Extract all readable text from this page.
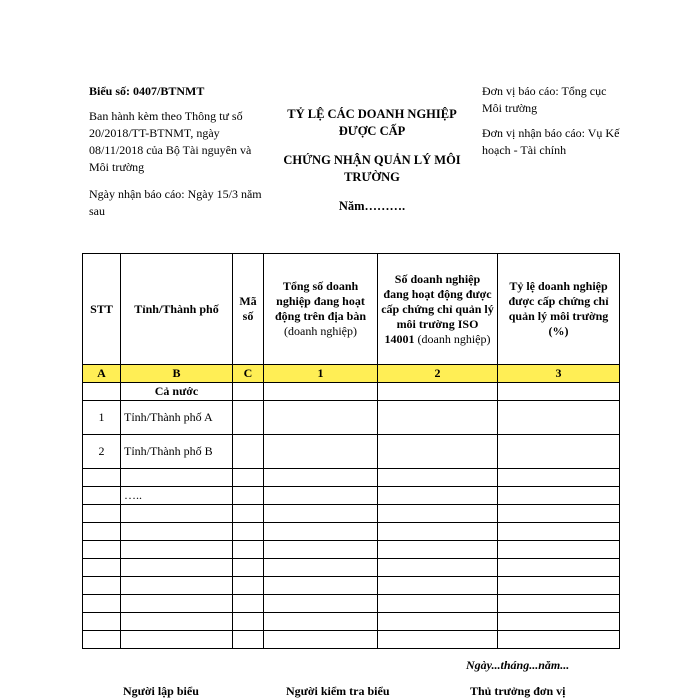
Biểu số: 0407/BTNMT
Ban hành kèm theo Thông tư số 20/2018/TT-BTNMT, ngày 08/11/2018 của Bộ Tài nguyên và Môi trường
Ngày nhận báo cáo: Ngày 15/3 năm sau
TỶ LỆ CÁC DOANH NGHIỆP ĐƯỢC CẤP
CHỨNG NHẬN QUẢN LÝ MÔI TRƯỜNG
Năm……….
Đơn vị báo cáo: Tổng cục Môi trường
Đơn vị nhận báo cáo: Vụ Kế hoạch - Tài chính
STT	Tỉnh/Thành phố	Mã số	Tổng số doanh nghiệp đang hoạt động trên địa bàn (doanh nghiệp)	Số doanh nghiệp đang hoạt động được cấp chứng chỉ quản lý môi trường ISO 14001 (doanh nghiệp)	Tỷ lệ doanh nghiệp được cấp chứng chỉ quản lý môi trường (%)
A	B	C	1	2	3
	Cả nước				
1	Tỉnh/Thành phố A				
2	Tỉnh/Thành phố B				

	…..				

Ngày...tháng...năm...
Người lập biểu	Người kiểm tra biểu	Thủ trưởng đơn vị
